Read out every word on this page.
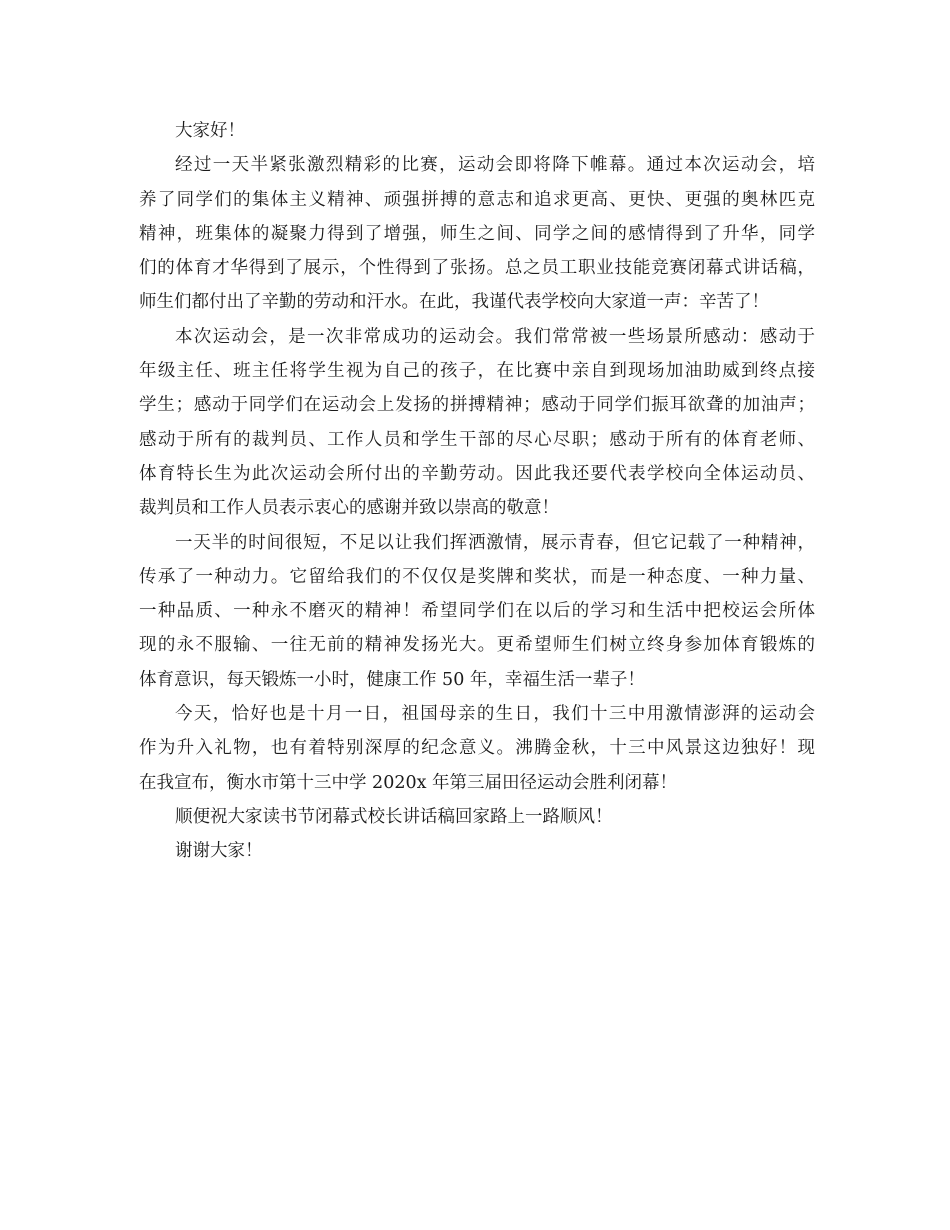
大家好！

经过一天半紧张激烈精彩的比赛，运动会即将降下帷幕。通过本次运动会，培
养了同学们的集体主义精神、顽强拼搏的意志和追求更高、更快、更强的奥林匹克
精神，班集体的凝聚力得到了增强，师生之间、同学之间的感情得到了升华，同学
们的体育才华得到了展示，个性得到了张扬。总之员工职业技能竞赛闭幕式讲话稿，
师生们都付出了辛勤的劳动和汗水。在此，我谨代表学校向大家道一声：辛苦了！

本次运动会，是一次非常成功的运动会。我们常常被一些场景所感动：感动于
年级主任、班主任将学生视为自己的孩子，在比赛中亲自到现场加油助威到终点接
学生；感动于同学们在运动会上发扬的拼搏精神；感动于同学们振耳欲聋的加油声；
感动于所有的裁判员、工作人员和学生干部的尽心尽职；感动于所有的体育老师、
体育特长生为此次运动会所付出的辛勤劳动。因此我还要代表学校向全体运动员、
裁判员和工作人员表示衷心的感谢并致以崇高的敬意！

一天半的时间很短，不足以让我们挥洒激情，展示青春，但它记载了一种精神，
传承了一种动力。它留给我们的不仅仅是奖牌和奖状，而是一种态度、一种力量、
一种品质、一种永不磨灭的精神！希望同学们在以后的学习和生活中把校运会所体
现的永不服输、一往无前的精神发扬光大。更希望师生们树立终身参加体育锻炼的
体育意识，每天锻炼一小时，健康工作 50 年，幸福生活一辈子！

今天，恰好也是十月一日，祖国母亲的生日，我们十三中用激情澎湃的运动会
作为升入礼物，也有着特别深厚的纪念意义。沸腾金秋，十三中风景这边独好！现
在我宣布，衡水市第十三中学 2020x 年第三届田径运动会胜利闭幕！

顺便祝大家读书节闭幕式校长讲话稿回家路上一路顺风！

谢谢大家！
